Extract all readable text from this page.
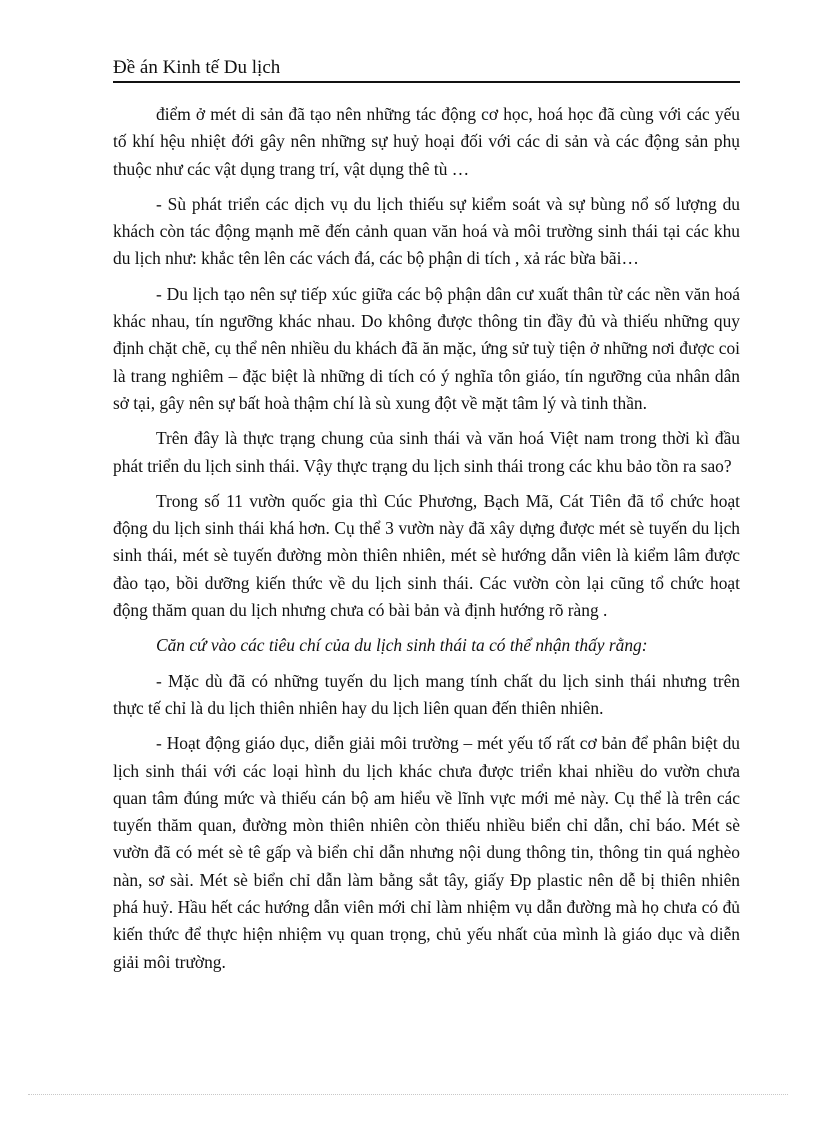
Đề án Kinh tế Du lịch

điểm ở mét di sản đã tạo nên những tác động cơ học, hoá học đã cùng với các yếu tố khí hệu nhiệt đới gây nên những sự huỷ hoại đối với các di sản và các động sản phụ thuộc như các vật dụng trang trí, vật dụng thê tù …

- Sù phát triển các dịch vụ du lịch thiếu sự kiểm soát và sự bùng nổ số lượng du khách còn tác động mạnh mẽ đến cảnh quan văn hoá và môi trường sinh thái tại các khu du lịch như: khắc tên lên các vách đá, các bộ phận di tích , xả rác bừa bãi…

- Du lịch tạo nên sự tiếp xúc giữa các bộ phận dân cư xuất thân từ các nền văn hoá khác nhau, tín ngưỡng khác nhau. Do không được thông tin đầy đủ và thiếu những quy định chặt chẽ, cụ thể nên nhiều du khách đã ăn mặc, ứng sử tuỳ tiện ở những nơi được coi là trang nghiêm – đặc biệt là những di tích có ý nghĩa tôn giáo, tín ngưỡng của nhân dân sở tại, gây nên sự bất hoà thậm chí là sù xung đột về mặt tâm lý và tinh thần.

Trên đây là thực trạng chung của sinh thái và văn hoá Việt nam trong thời kì đầu phát triển du lịch sinh thái. Vậy thực trạng du lịch sinh thái trong các khu bảo tồn ra sao?

Trong số 11 vườn quốc gia thì Cúc Phương, Bạch Mã, Cát Tiên đã tổ chức hoạt động du lịch sinh thái khá hơn. Cụ thể 3 vườn này đã xây dựng được mét sè tuyến du lịch sinh thái, mét sè tuyến đường mòn thiên nhiên, mét sè hướng dẫn viên là kiểm lâm được đào tạo, bồi dưỡng kiến thức về du lịch sinh thái. Các vườn còn lại cũng tổ chức hoạt động thăm quan du lịch nhưng chưa có bài bản và định hướng rõ ràng .

Căn cứ vào các tiêu chí của du lịch sinh thái ta có thể nhận thấy rằng:

- Mặc dù đã có những tuyến du lịch mang tính chất du lịch sinh thái nhưng trên thực tế chỉ là du lịch thiên nhiên hay du lịch liên quan đến thiên nhiên.

- Hoạt động giáo dục, diễn giải môi trường – mét yếu tố rất cơ bản để phân biệt du lịch sinh thái với các loại hình du lịch khác chưa được triển khai nhiều do vườn chưa quan tâm đúng mức và thiếu cán bộ am hiểu về lĩnh vực mới mẻ này. Cụ thể là trên các tuyến thăm quan, đường mòn thiên nhiên còn thiếu nhiều biển chỉ dẫn, chỉ báo. Mét sè vườn đã có mét sè tê gấp và biển chỉ dẫn nhưng nội dung thông tin, thông tin quá nghèo nàn, sơ sài. Mét sè biển chỉ dẫn làm bằng sắt tây, giấy Đp plastic nên dễ bị thiên nhiên phá huỷ. Hầu hết các hướng dẫn viên mới chỉ làm nhiệm vụ dẫn đường mà họ chưa có đủ kiến thức để thực hiện nhiệm vụ quan trọng, chủ yếu nhất của mình là giáo dục và diễn giải môi trường.
